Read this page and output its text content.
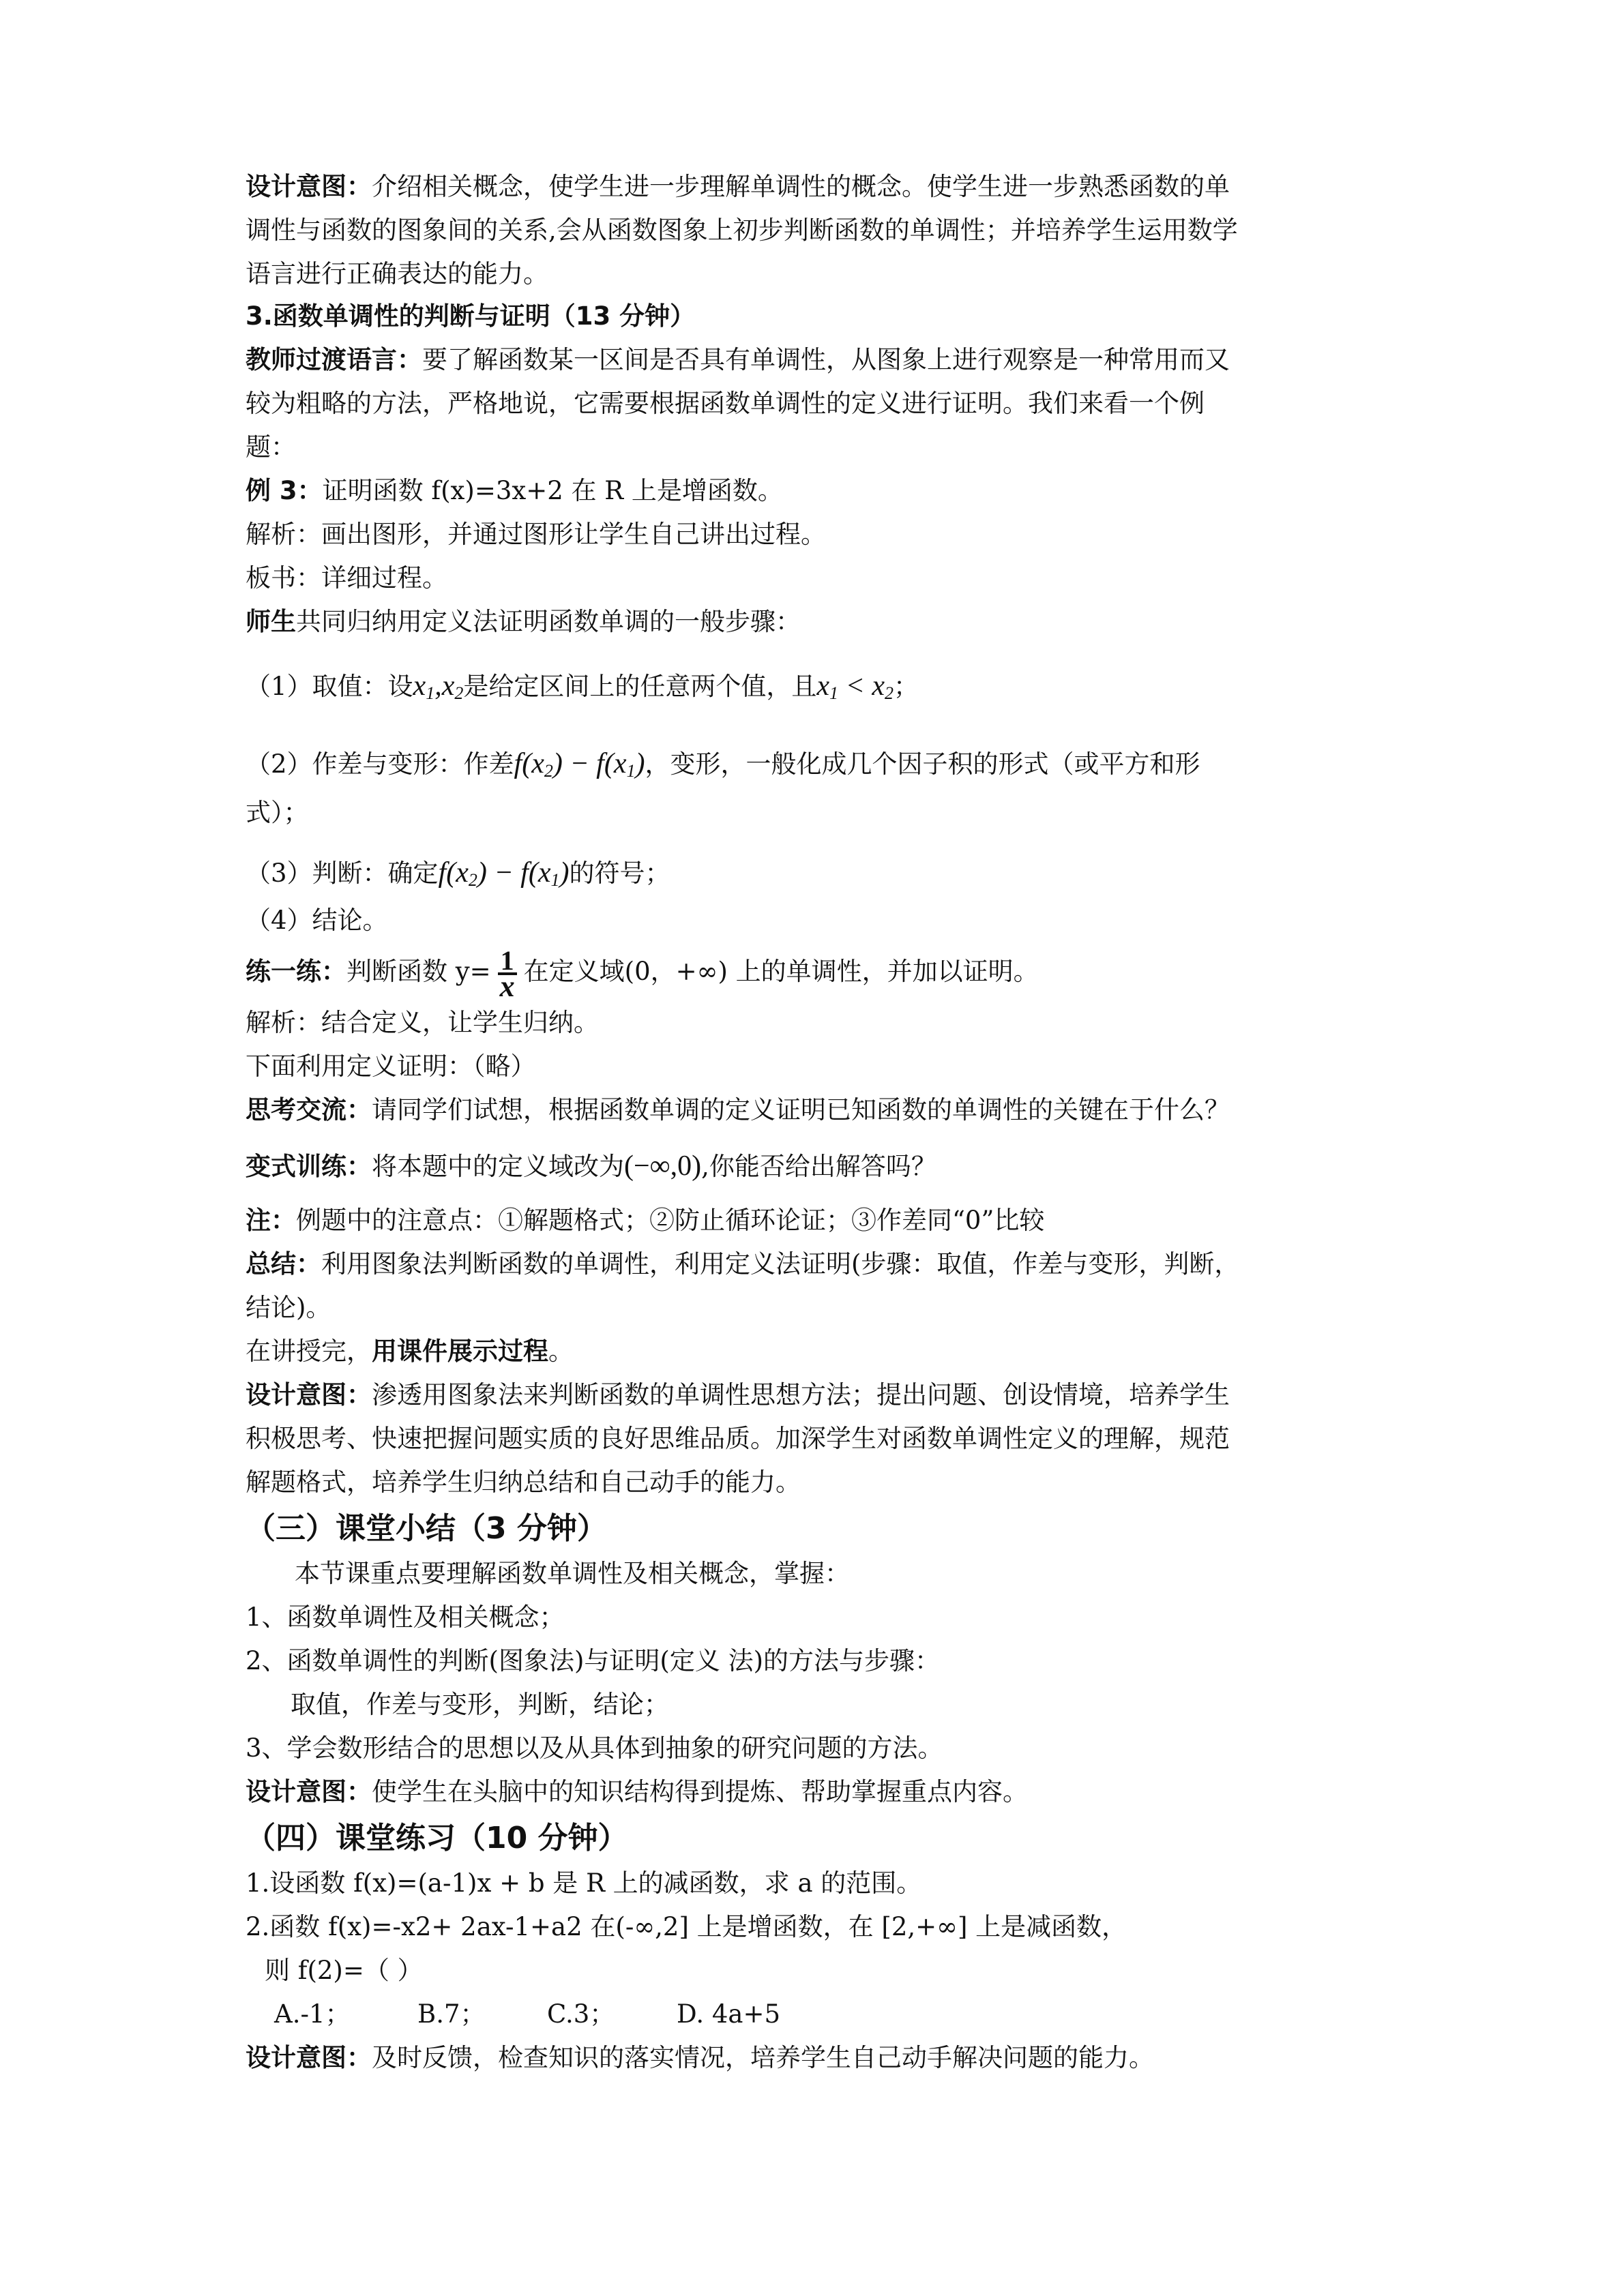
设计意图：介绍相关概念，使学生进一步理解单调性的概念。使学生进一步熟悉函数的单
调性与函数的图象间的关系,会从函数图象上初步判断函数的单调性；并培养学生运用数学
语言进行正确表达的能力。
3.函数单调性的判断与证明（13 分钟）
教师过渡语言：要了解函数某一区间是否具有单调性，从图象上进行观察是一种常用而又
较为粗略的方法，严格地说，它需要根据函数单调性的定义进行证明。我们来看一个例
题：
例 3：证明函数 f(x)=3x+2 在 R 上是增函数。
解析：画出图形，并通过图形让学生自己讲出过程。
板书：详细过程。
师生共同归纳用定义法证明函数单调的一般步骤：
（1）取值：设$x_1,x_2$是给定区间上的任意两个值，且$x_1 < x_2$；
（2）作差与变形：作差$f(x_2) - f(x_1)$，变形，一般化成几个因子积的形式（或平方和形
式）；
（3）判断：确定$f(x_2) - f(x_1)$的符号；
（4）结论。
练一练：判断函数 $y= \frac{1}{x}$ 在定义域(0，+∞) 上的单调性，并加以证明。
解析：结合定义，让学生归纳。
下面利用定义证明：（略）
思考交流：请同学们试想，根据函数单调的定义证明已知函数的单调性的关键在于什么？
变式训练：将本题中的定义域改为(−∞,0),你能否给出解答吗？
注：例题中的注意点：①解题格式；②防止循环论证；③作差同“0”比较
总结：利用图象法判断函数的单调性，利用定义法证明(步骤：取值，作差与变形，判断，
结论)。
在讲授完，用课件展示过程。
设计意图：渗透用图象法来判断函数的单调性思想方法；提出问题、创设情境，培养学生
积极思考、快速把握问题实质的良好思维品质。加深学生对函数单调性定义的理解，规范
解题格式，培养学生归纳总结和自己动手的能力。
（三）课堂小结（3 分钟）
本节课重点要理解函数单调性及相关概念，掌握：
1、函数单调性及相关概念；
2、函数单调性的判断(图象法)与证明(定义 法)的方法与步骤：
取值，作差与变形，判断，结论；
3、学会数形结合的思想以及从具体到抽象的研究问题的方法。
设计意图：使学生在头脑中的知识结构得到提炼、帮助掌握重点内容。
（四）课堂练习（10 分钟）
1.设函数 f(x)=(a-1)x + b 是 R 上的减函数，求 a 的范围。
2.函数 f(x)=-x2+ 2ax-1+a2 在(-∞,2] 上是增函数，在 [2,+∞] 上是减函数，
则 f(2)=（ ）
A.-1；	B.7； C.3； D. 4a+5
设计意图：及时反馈，检查知识的落实情况，培养学生自己动手解决问题的能力。
